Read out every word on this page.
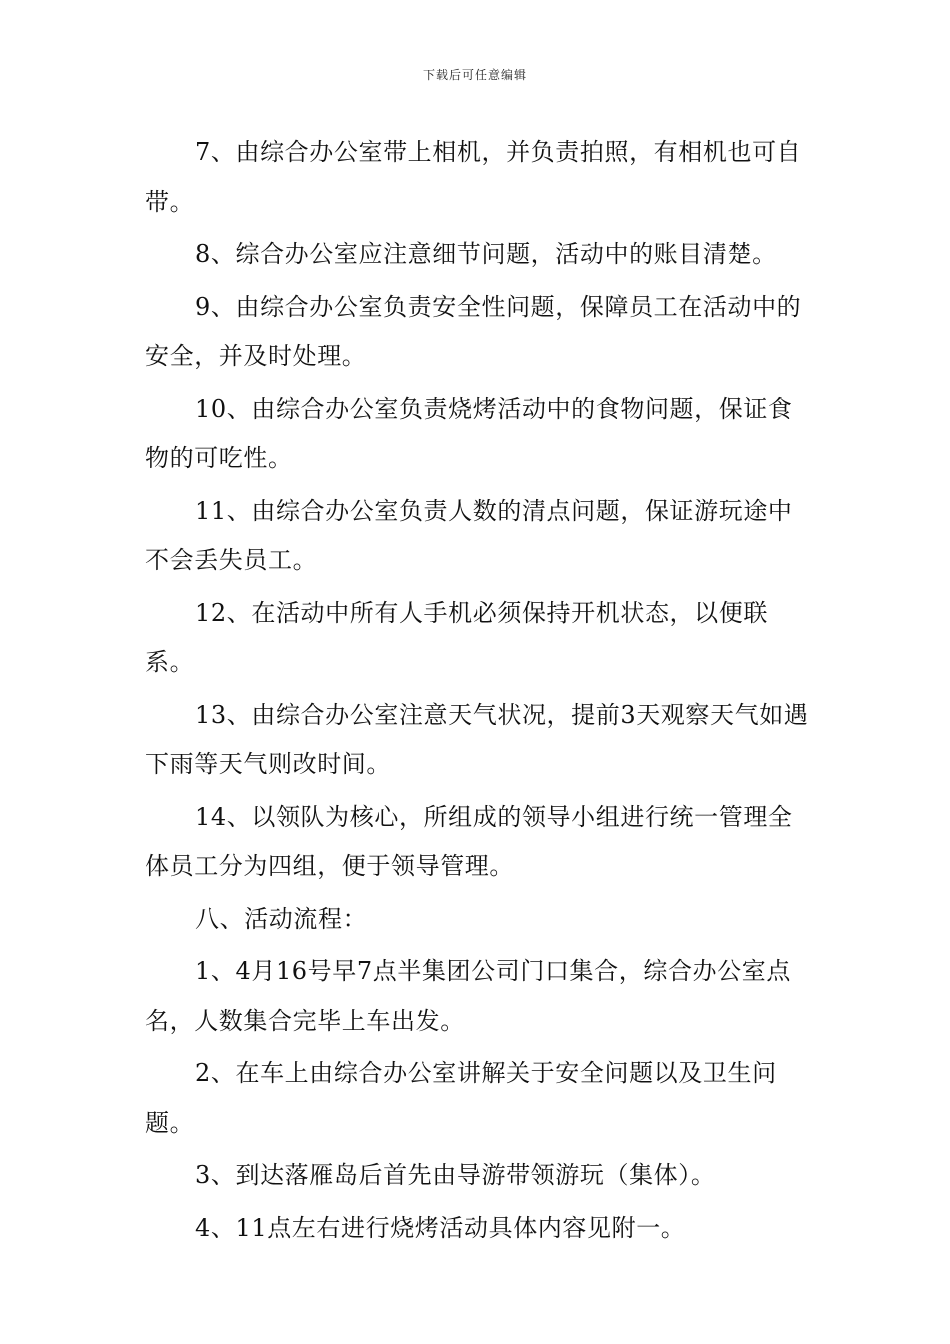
下载后可任意编辑

7、由综合办公室带上相机，并负责拍照，有相机也可自带。

8、综合办公室应注意细节问题，活动中的账目清楚。

9、由综合办公室负责安全性问题，保障员工在活动中的安全，并及时处理。

10、由综合办公室负责烧烤活动中的食物问题，保证食物的可吃性。

11、由综合办公室负责人数的清点问题，保证游玩途中不会丢失员工。

12、在活动中所有人手机必须保持开机状态，以便联系。

13、由综合办公室注意天气状况，提前3天观察天气如遇下雨等天气则改时间。

14、以领队为核心，所组成的领导小组进行统一管理全体员工分为四组，便于领导管理。

八、活动流程：

1、4月16号早7点半集团公司门口集合，综合办公室点名，人数集合完毕上车出发。

2、在车上由综合办公室讲解关于安全问题以及卫生问题。

3、到达落雁岛后首先由导游带领游玩（集体）。

4、11点左右进行烧烤活动具体内容见附一。
